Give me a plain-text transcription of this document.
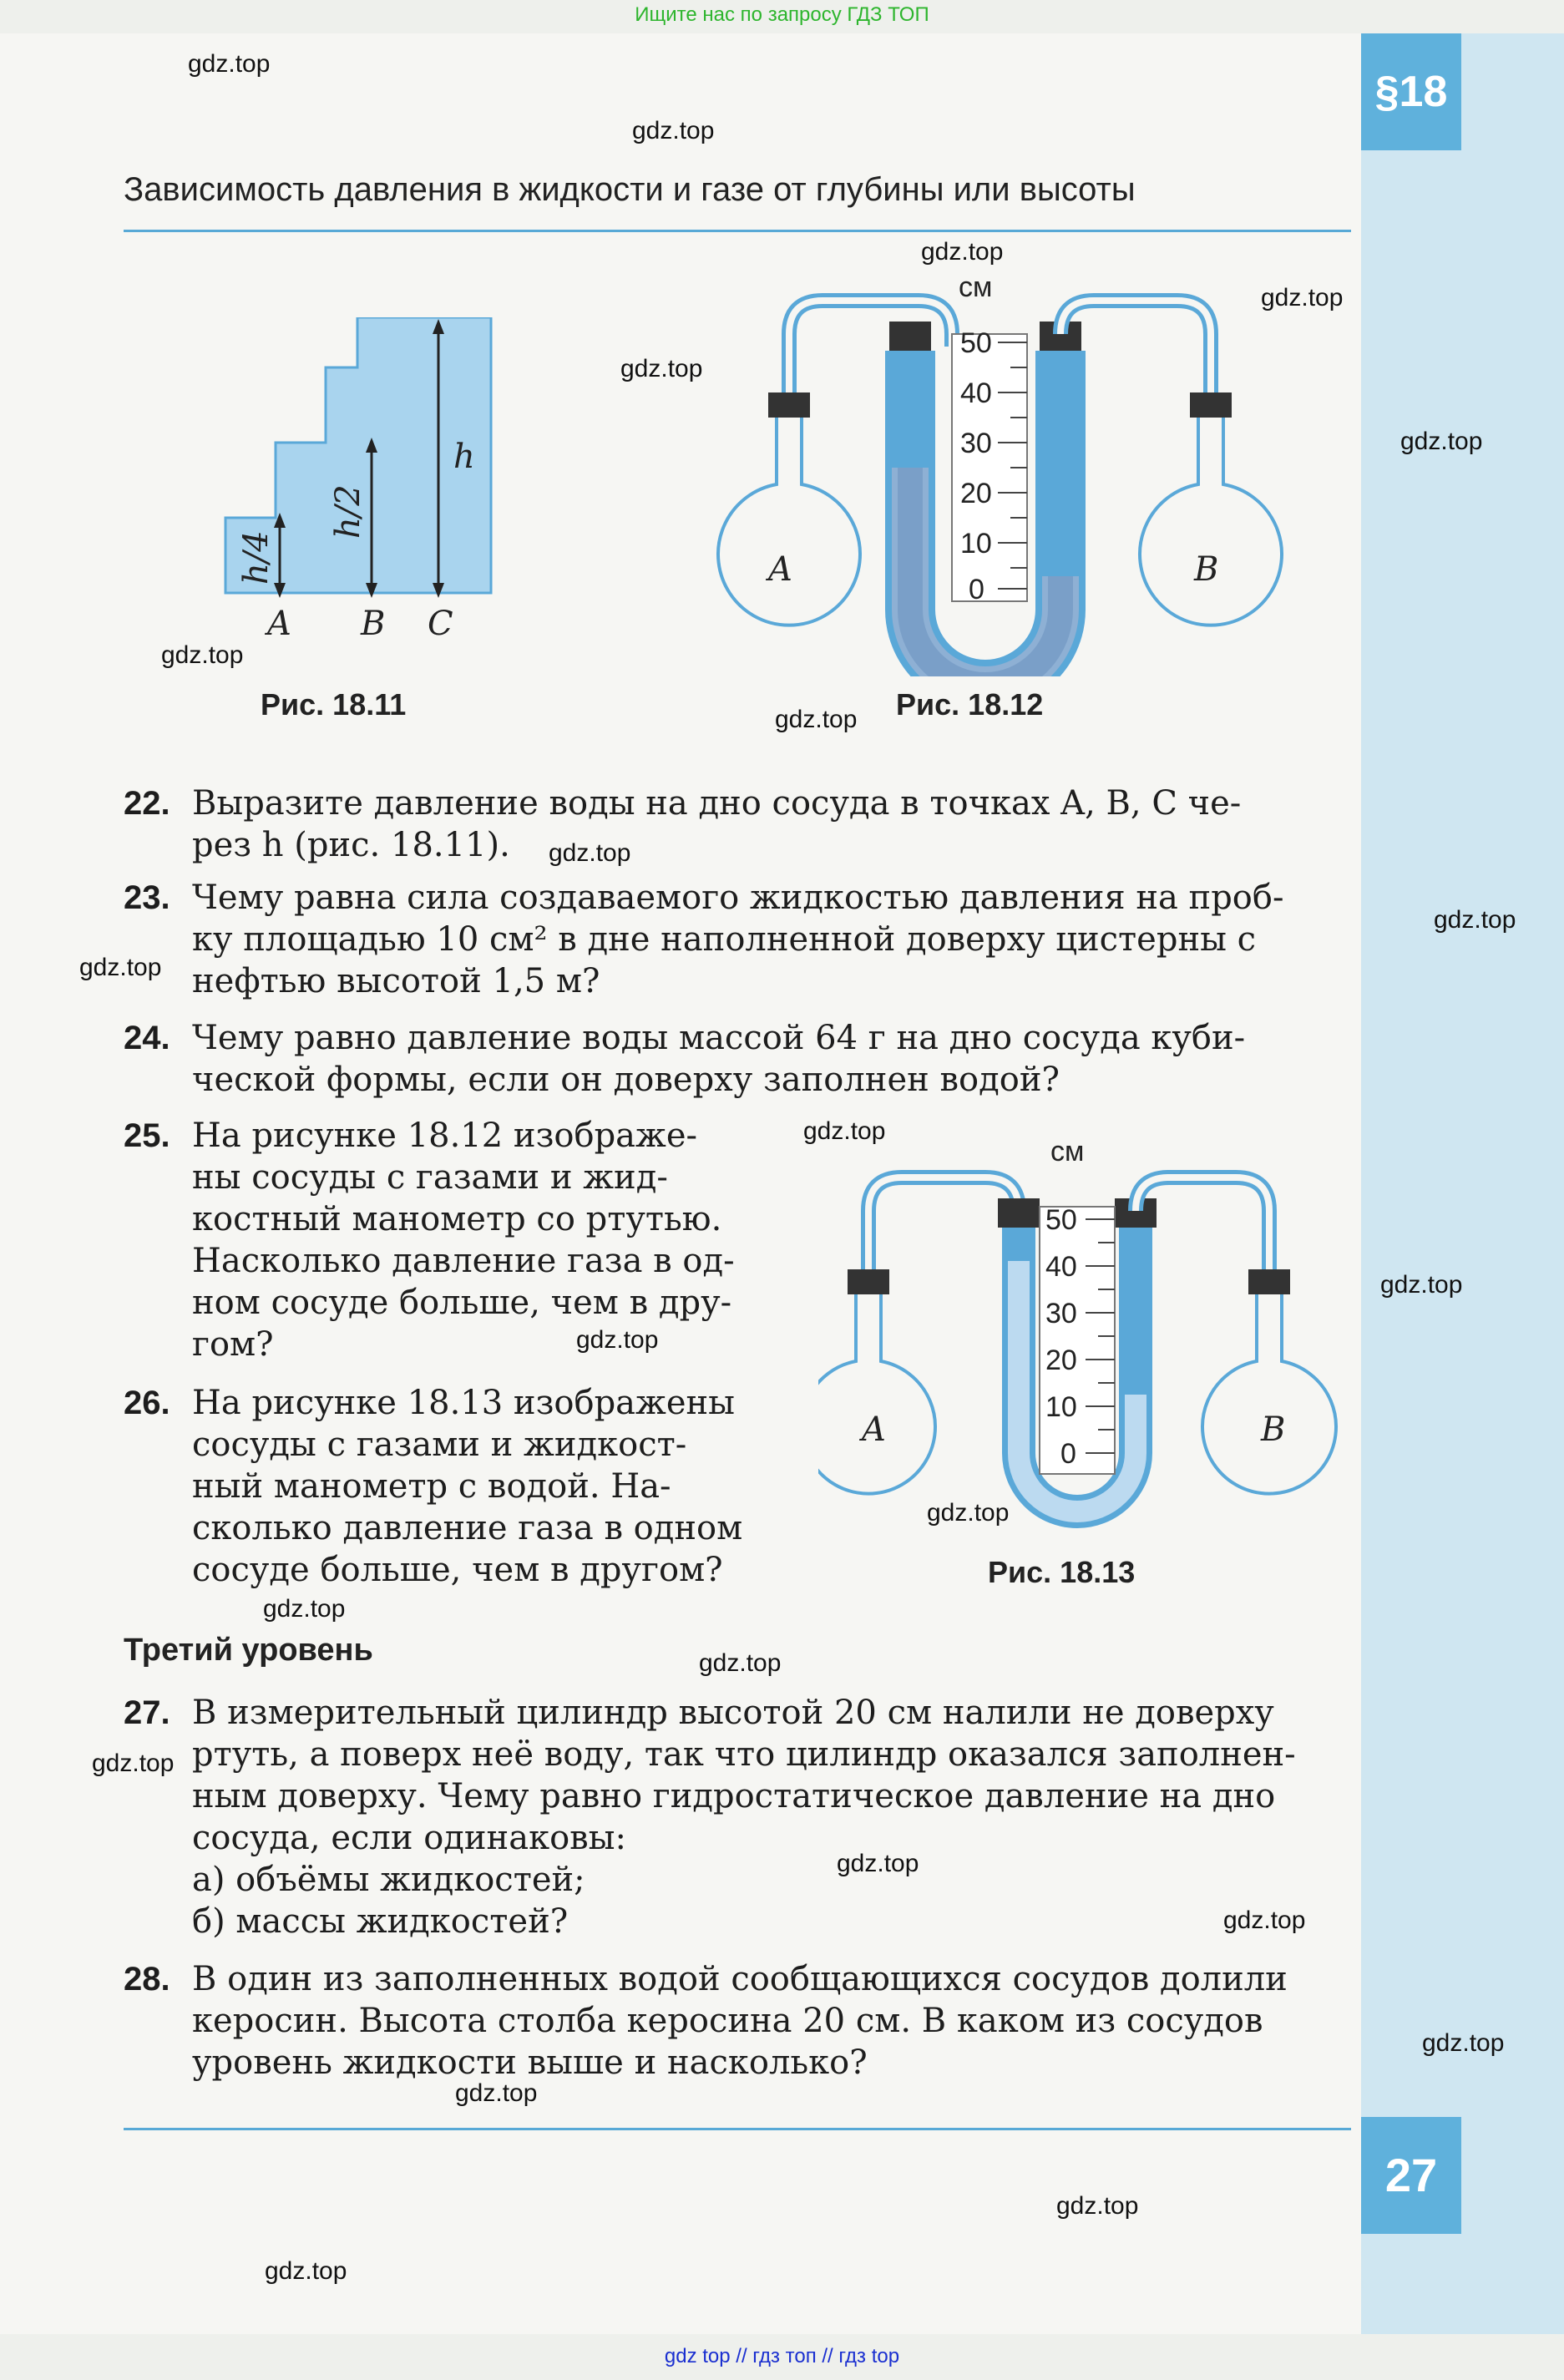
Ищите нас по запросу ГДЗ ТОП
§18
Зависимость давления в жидкости и газе от глубины или высоты
h
h/2
h/4
A B C
Рис. 18.11
A	B
50
40
30
20
10
0
см
Рис. 18.12
A	B
50
40
30
20
10
0
см
Рис. 18.13
22. Выразите давление воды на дно сосуда в точках A, B, C че-
рез h (рис. 18.11).
23. Чему равна сила создаваемого жидкостью давления на проб-
ку площадью 10 см² в дне наполненной доверху цистерны с
нефтью высотой 1,5 м?
24. Чему равно давление воды массой 64 г на дно сосуда куби-
ческой формы, если он доверху заполнен водой?
25. На рисунке 18.12 изображе-
ны сосуды с газами и жид-
костный манометр со ртутью.
Насколько давление газа в од-
ном сосуде больше, чем в дру-
гом?
26. На рисунке 18.13 изображены
сосуды с газами и жидкост-
ный манометр с водой. На-
сколько давление газа в одном
сосуде больше, чем в другом?
Третий уровень
27. В измерительный цилиндр высотой 20 см налили не доверху
ртуть, а поверх неё воду, так что цилиндр оказался заполнен-
ным доверху. Чему равно гидростатическое давление на дно
сосуда, если одинаковы:
а) объёмы жидкостей;
б) массы жидкостей?
28. В один из заполненных водой сообщающихся сосудов долили
керосин. Высота столба керосина 20 см. В каком из сосудов
уровень жидкости выше и насколько?
27
gdz.top
gdz.top
gdz.top
gdz.top
gdz.top
gdz.top
gdz.top
gdz.top
gdz.top
gdz.top
gdz.top
gdz.top
gdz.top
gdz.top
gdz.top
gdz.top
gdz.top
gdz.top
gdz.top
gdz.top
gdz.top
gdz.top
gdz.top
gdz.top
gdz top // гдз топ // гдз top
